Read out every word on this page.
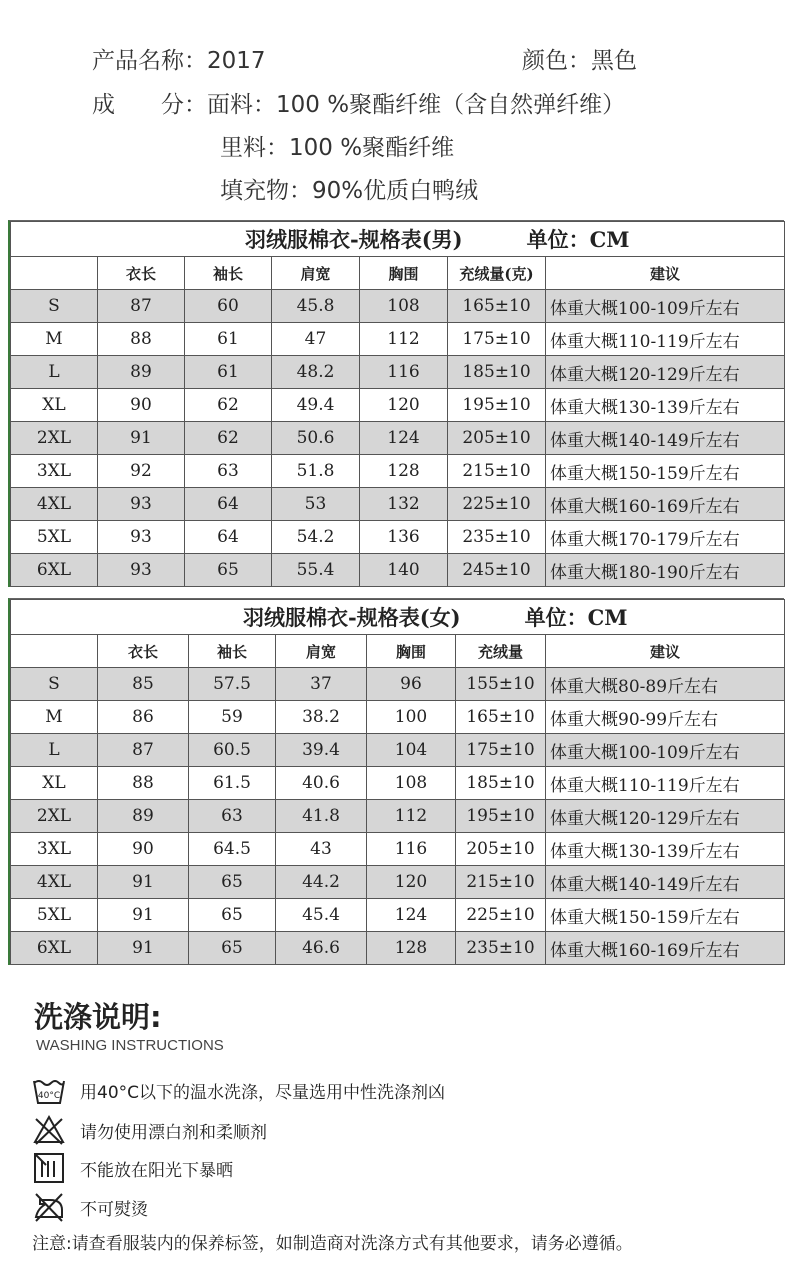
产品名称：2017	颜色：黑色
成　　分：面料：100 %聚酯纤维（含自然弹纤维）
里料：100 %聚酯纤维
填充物：90%优质白鸭绒
羽绒服棉衣-规格表(男) 单位：CM						
	衣长	袖长	肩宽	胸围	充绒量(克)	建议
S	87	60	45.8	108	165±10	体重大概100-109斤左右
M	88	61	47	112	175±10	体重大概110-119斤左右
L	89	61	48.2	116	185±10	体重大概120-129斤左右
XL	90	62	49.4	120	195±10	体重大概130-139斤左右
2XL	91	62	50.6	124	205±10	体重大概140-149斤左右
3XL	92	63	51.8	128	215±10	体重大概150-159斤左右
4XL	93	64	53	132	225±10	体重大概160-169斤左右
5XL	93	64	54.2	136	235±10	体重大概170-179斤左右
6XL	93	65	55.4	140	245±10	体重大概180-190斤左右
羽绒服棉衣-规格表(女) 单位：CM						
	衣长	袖长	肩宽	胸围	充绒量	建议
S	85	57.5	37	96	155±10	体重大概80-89斤左右
M	86	59	38.2	100	165±10	体重大概90-99斤左右
L	87	60.5	39.4	104	175±10	体重大概100-109斤左右
XL	88	61.5	40.6	108	185±10	体重大概110-119斤左右
2XL	89	63	41.8	112	195±10	体重大概120-129斤左右
3XL	90	64.5	43	116	205±10	体重大概130-139斤左右
4XL	91	65	44.2	120	215±10	体重大概140-149斤左右
5XL	91	65	45.4	124	225±10	体重大概150-159斤左右
6XL	91	65	46.6	128	235±10	体重大概160-169斤左右
洗涤说明:
WASHING INSTRUCTIONS
40°C 用40°C以下的温水洗涤，尽量选用中性洗涤剂凶
请勿使用漂白剂和柔顺剂
不能放在阳光下暴晒
不可熨烫
注意:请查看服装内的保养标签，如制造商对洗涤方式有其他要求，请务必遵循。
